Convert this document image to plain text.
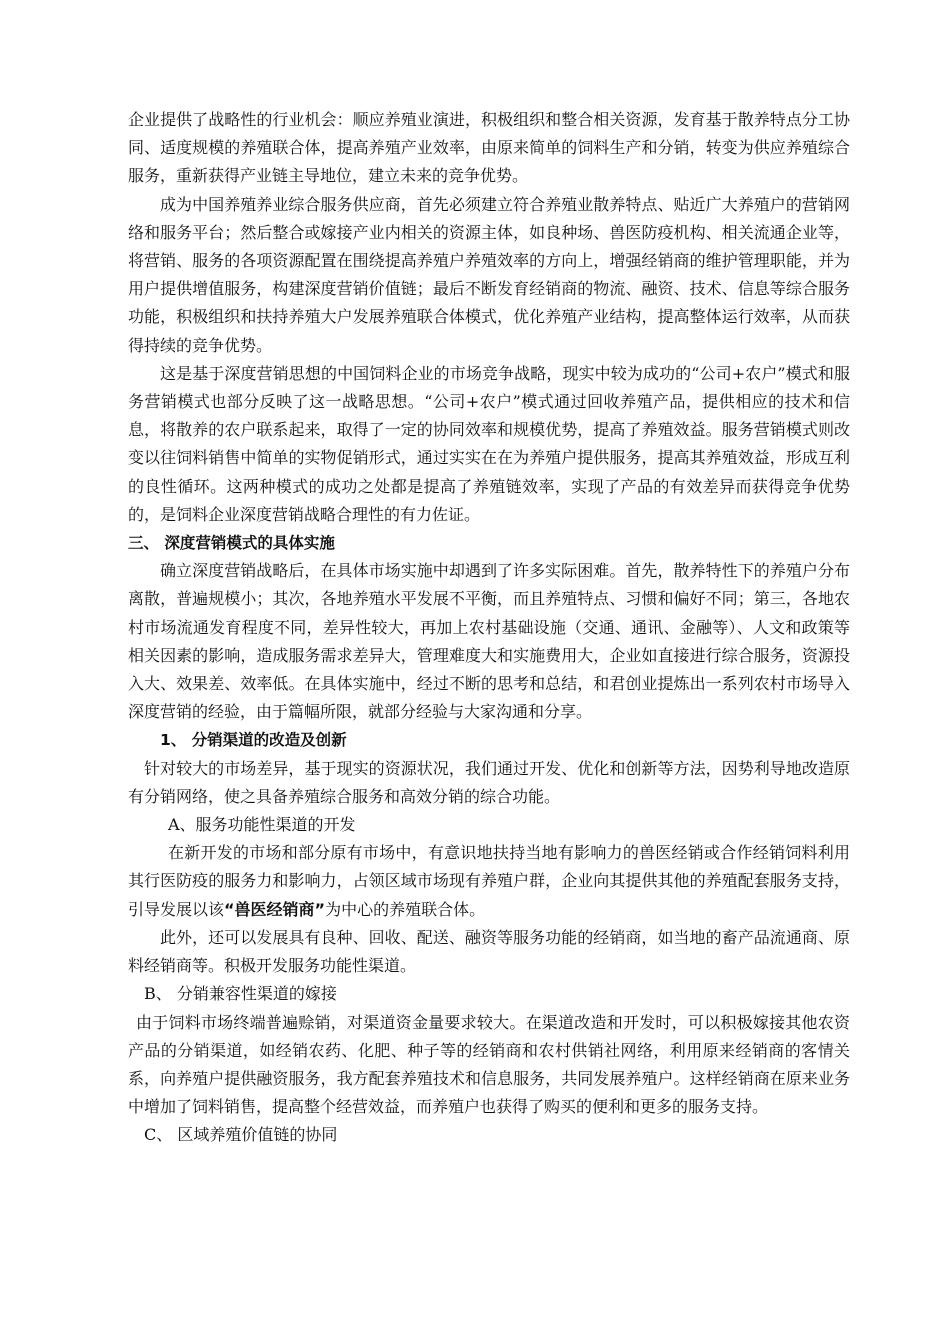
企业提供了战略性的行业机会：顺应养殖业演进，积极组织和整合相关资源，发育基于散养特点分工协同、适度规模的养殖联合体，提高养殖产业效率，由原来简单的饲料生产和分销，转变为供应养殖综合服务，重新获得产业链主导地位，建立未来的竞争优势。

成为中国养殖养业综合服务供应商，首先必须建立符合养殖业散养特点、贴近广大养殖户的营销网络和服务平台；然后整合或嫁接产业内相关的资源主体，如良种场、兽医防疫机构、相关流通企业等，将营销、服务的各项资源配置在围绕提高养殖户养殖效率的方向上，增强经销商的维护管理职能，并为用户提供增值服务，构建深度营销价值链；最后不断发育经销商的物流、融资、技术、信息等综合服务功能，积极组织和扶持养殖大户发展养殖联合体模式，优化养殖产业结构，提高整体运行效率，从而获得持续的竞争优势。

这是基于深度营销思想的中国饲料企业的市场竞争战略，现实中较为成功的“公司+农户”模式和服务营销模式也部分反映了这一战略思想。“公司+农户”模式通过回收养殖产品，提供相应的技术和信息，将散养的农户联系起来，取得了一定的协同效率和规模优势，提高了养殖效益。服务营销模式则改变以往饲料销售中简单的实物促销形式，通过实实在在为养殖户提供服务，提高其养殖效益，形成互利的良性循环。这两种模式的成功之处都是提高了养殖链效率，实现了产品的有效差异而获得竞争优势的，是饲料企业深度营销战略合理性的有力佐证。

三、 深度营销模式的具体实施

确立深度营销战略后，在具体市场实施中却遇到了许多实际困难。首先，散养特性下的养殖户分布离散，普遍规模小；其次，各地养殖水平发展不平衡，而且养殖特点、习惯和偏好不同；第三，各地农村市场流通发育程度不同，差异性较大，再加上农村基础设施（交通、通讯、金融等）、人文和政策等相关因素的影响，造成服务需求差异大，管理难度大和实施费用大，企业如直接进行综合服务，资源投入大、效果差、效率低。在具体实施中，经过不断的思考和总结，和君创业提炼出一系列农村市场导入深度营销的经验，由于篇幅所限，就部分经验与大家沟通和分享。

1、 分销渠道的改造及创新

针对较大的市场差异，基于现实的资源状况，我们通过开发、优化和创新等方法，因势利导地改造原有分销网络，使之具备养殖综合服务和高效分销的综合功能。

A、服务功能性渠道的开发

在新开发的市场和部分原有市场中，有意识地扶持当地有影响力的兽医经销或合作经销饲料利用其行医防疫的服务力和影响力，占领区域市场现有养殖户群，企业向其提供其他的养殖配套服务支持，引导发展以该“兽医经销商”为中心的养殖联合体。

此外，还可以发展具有良种、回收、配送、融资等服务功能的经销商，如当地的畜产品流通商、原料经销商等。积极开发服务功能性渠道。

B、 分销兼容性渠道的嫁接

由于饲料市场终端普遍赊销，对渠道资金量要求较大。在渠道改造和开发时，可以积极嫁接其他农资产品的分销渠道，如经销农药、化肥、种子等的经销商和农村供销社网络，利用原来经销商的客情关系，向养殖户提供融资服务，我方配套养殖技术和信息服务，共同发展养殖户。这样经销商在原来业务中增加了饲料销售，提高整个经营效益，而养殖户也获得了购买的便利和更多的服务支持。

C、 区域养殖价值链的协同
